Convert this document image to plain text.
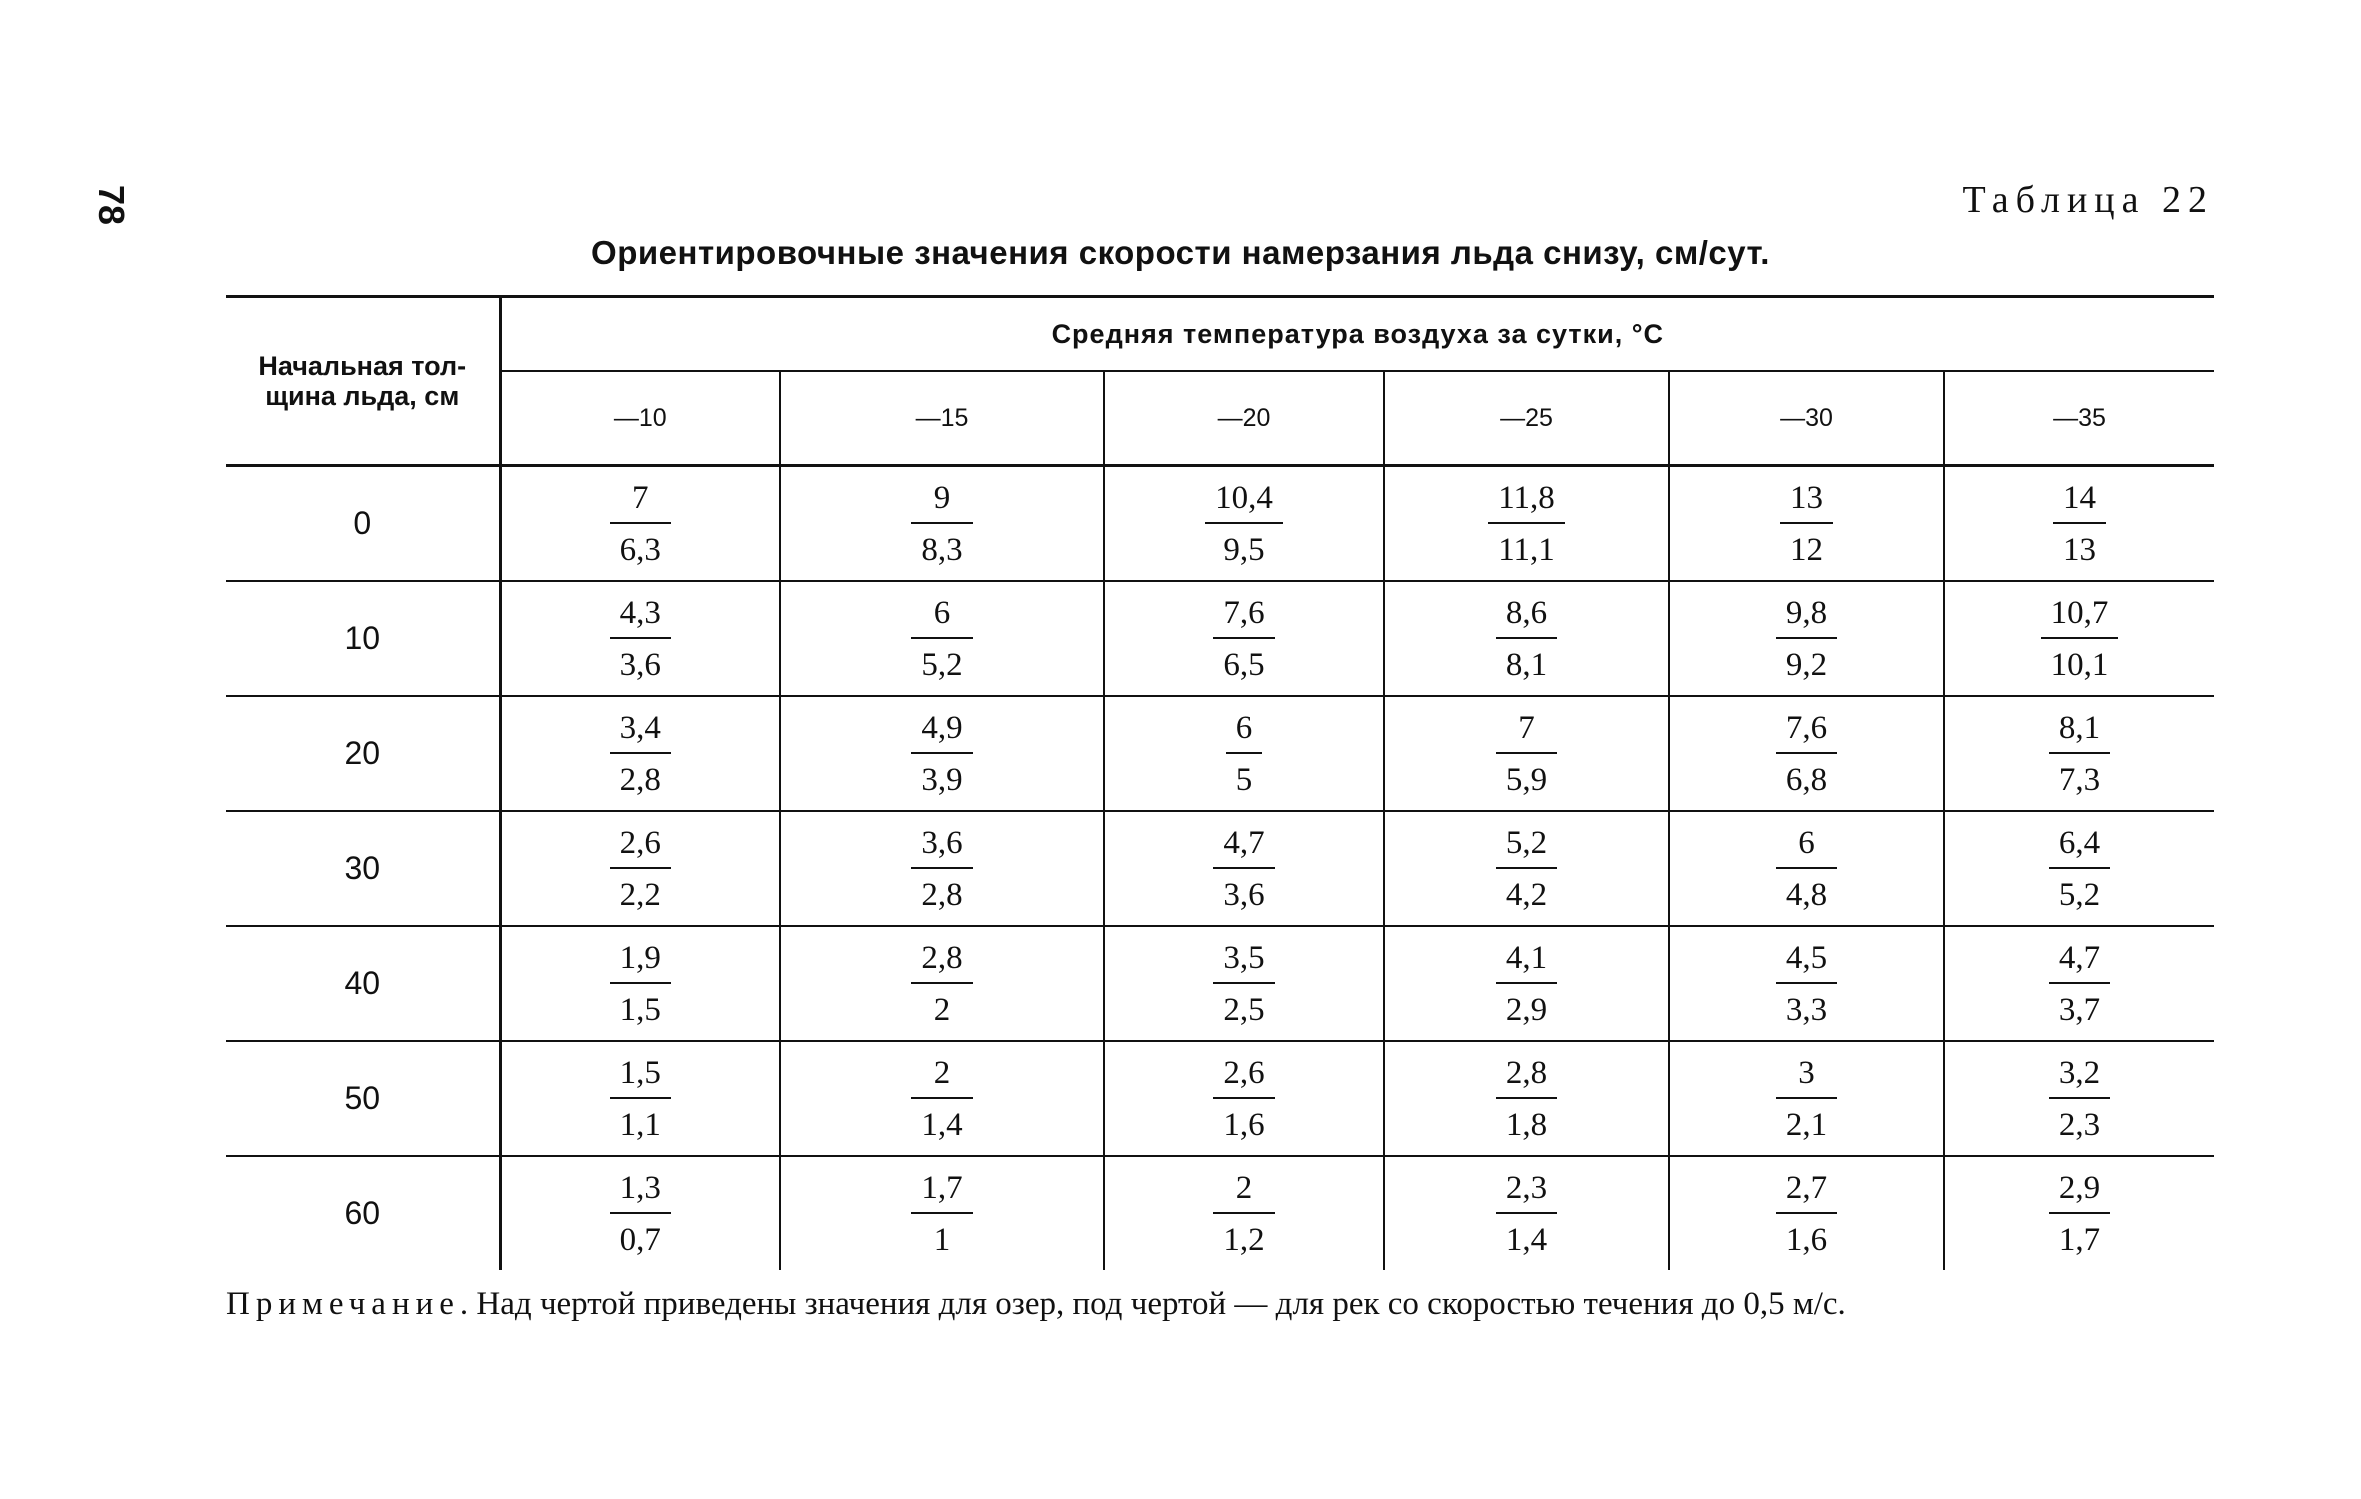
78	Таблица 22
Ориентировочные значения скорости намерзания льда снизу, см/сут.
Начальная тол-щина льда, см	Средняя температура воздуха за сутки, °C					
	—10	—15	—20	—25	—30	—35
0	$\frac{7}{6,3}$	$\frac{9}{8,3}$	$\frac{10,4}{9,5}$	$\frac{11,8}{11,1}$	$\frac{13}{12}$	$\frac{14}{13}$

10	$\frac{4,3}{3,6}$	$\frac{6}{5,2}$	$\frac{7,6}{6,5}$	$\frac{8,6}{8,1}$	$\frac{9,8}{9,2}$	$\frac{10,7}{10,1}$

20	$\frac{3,4}{2,8}$	$\frac{4,9}{3,9}$	$\frac{6}{5}$	$\frac{7}{5,9}$	$\frac{7,6}{6,8}$	$\frac{8,1}{7,3}$

30	$\frac{2,6}{2,2}$	$\frac{3,6}{2,8}$	$\frac{4,7}{3,6}$	$\frac{5,2}{4,2}$	$\frac{6}{4,8}$	$\frac{6,4}{5,2}$

40	$\frac{1,9}{1,5}$	$\frac{2,8}{2}$	$\frac{3,5}{2,5}$	$\frac{4,1}{2,9}$	$\frac{4,5}{3,3}$	$\frac{4,7}{3,7}$

50	$\frac{1,5}{1,1}$	$\frac{2}{1,4}$	$\frac{2,6}{1,6}$	$\frac{2,8}{1,8}$	$\frac{3}{2,1}$	$\frac{3,2}{2,3}$

60	$\frac{1,3}{0,7}$	$\frac{1,7}{1}$	$\frac{2}{1,2}$	$\frac{2,3}{1,4}$	$\frac{2,7}{1,6}$	$\frac{2,9}{1,7}$
Примечание. Над чертой приведены значения для озер, под чертой — для рек со скоростью течения до 0,5 м/с.
